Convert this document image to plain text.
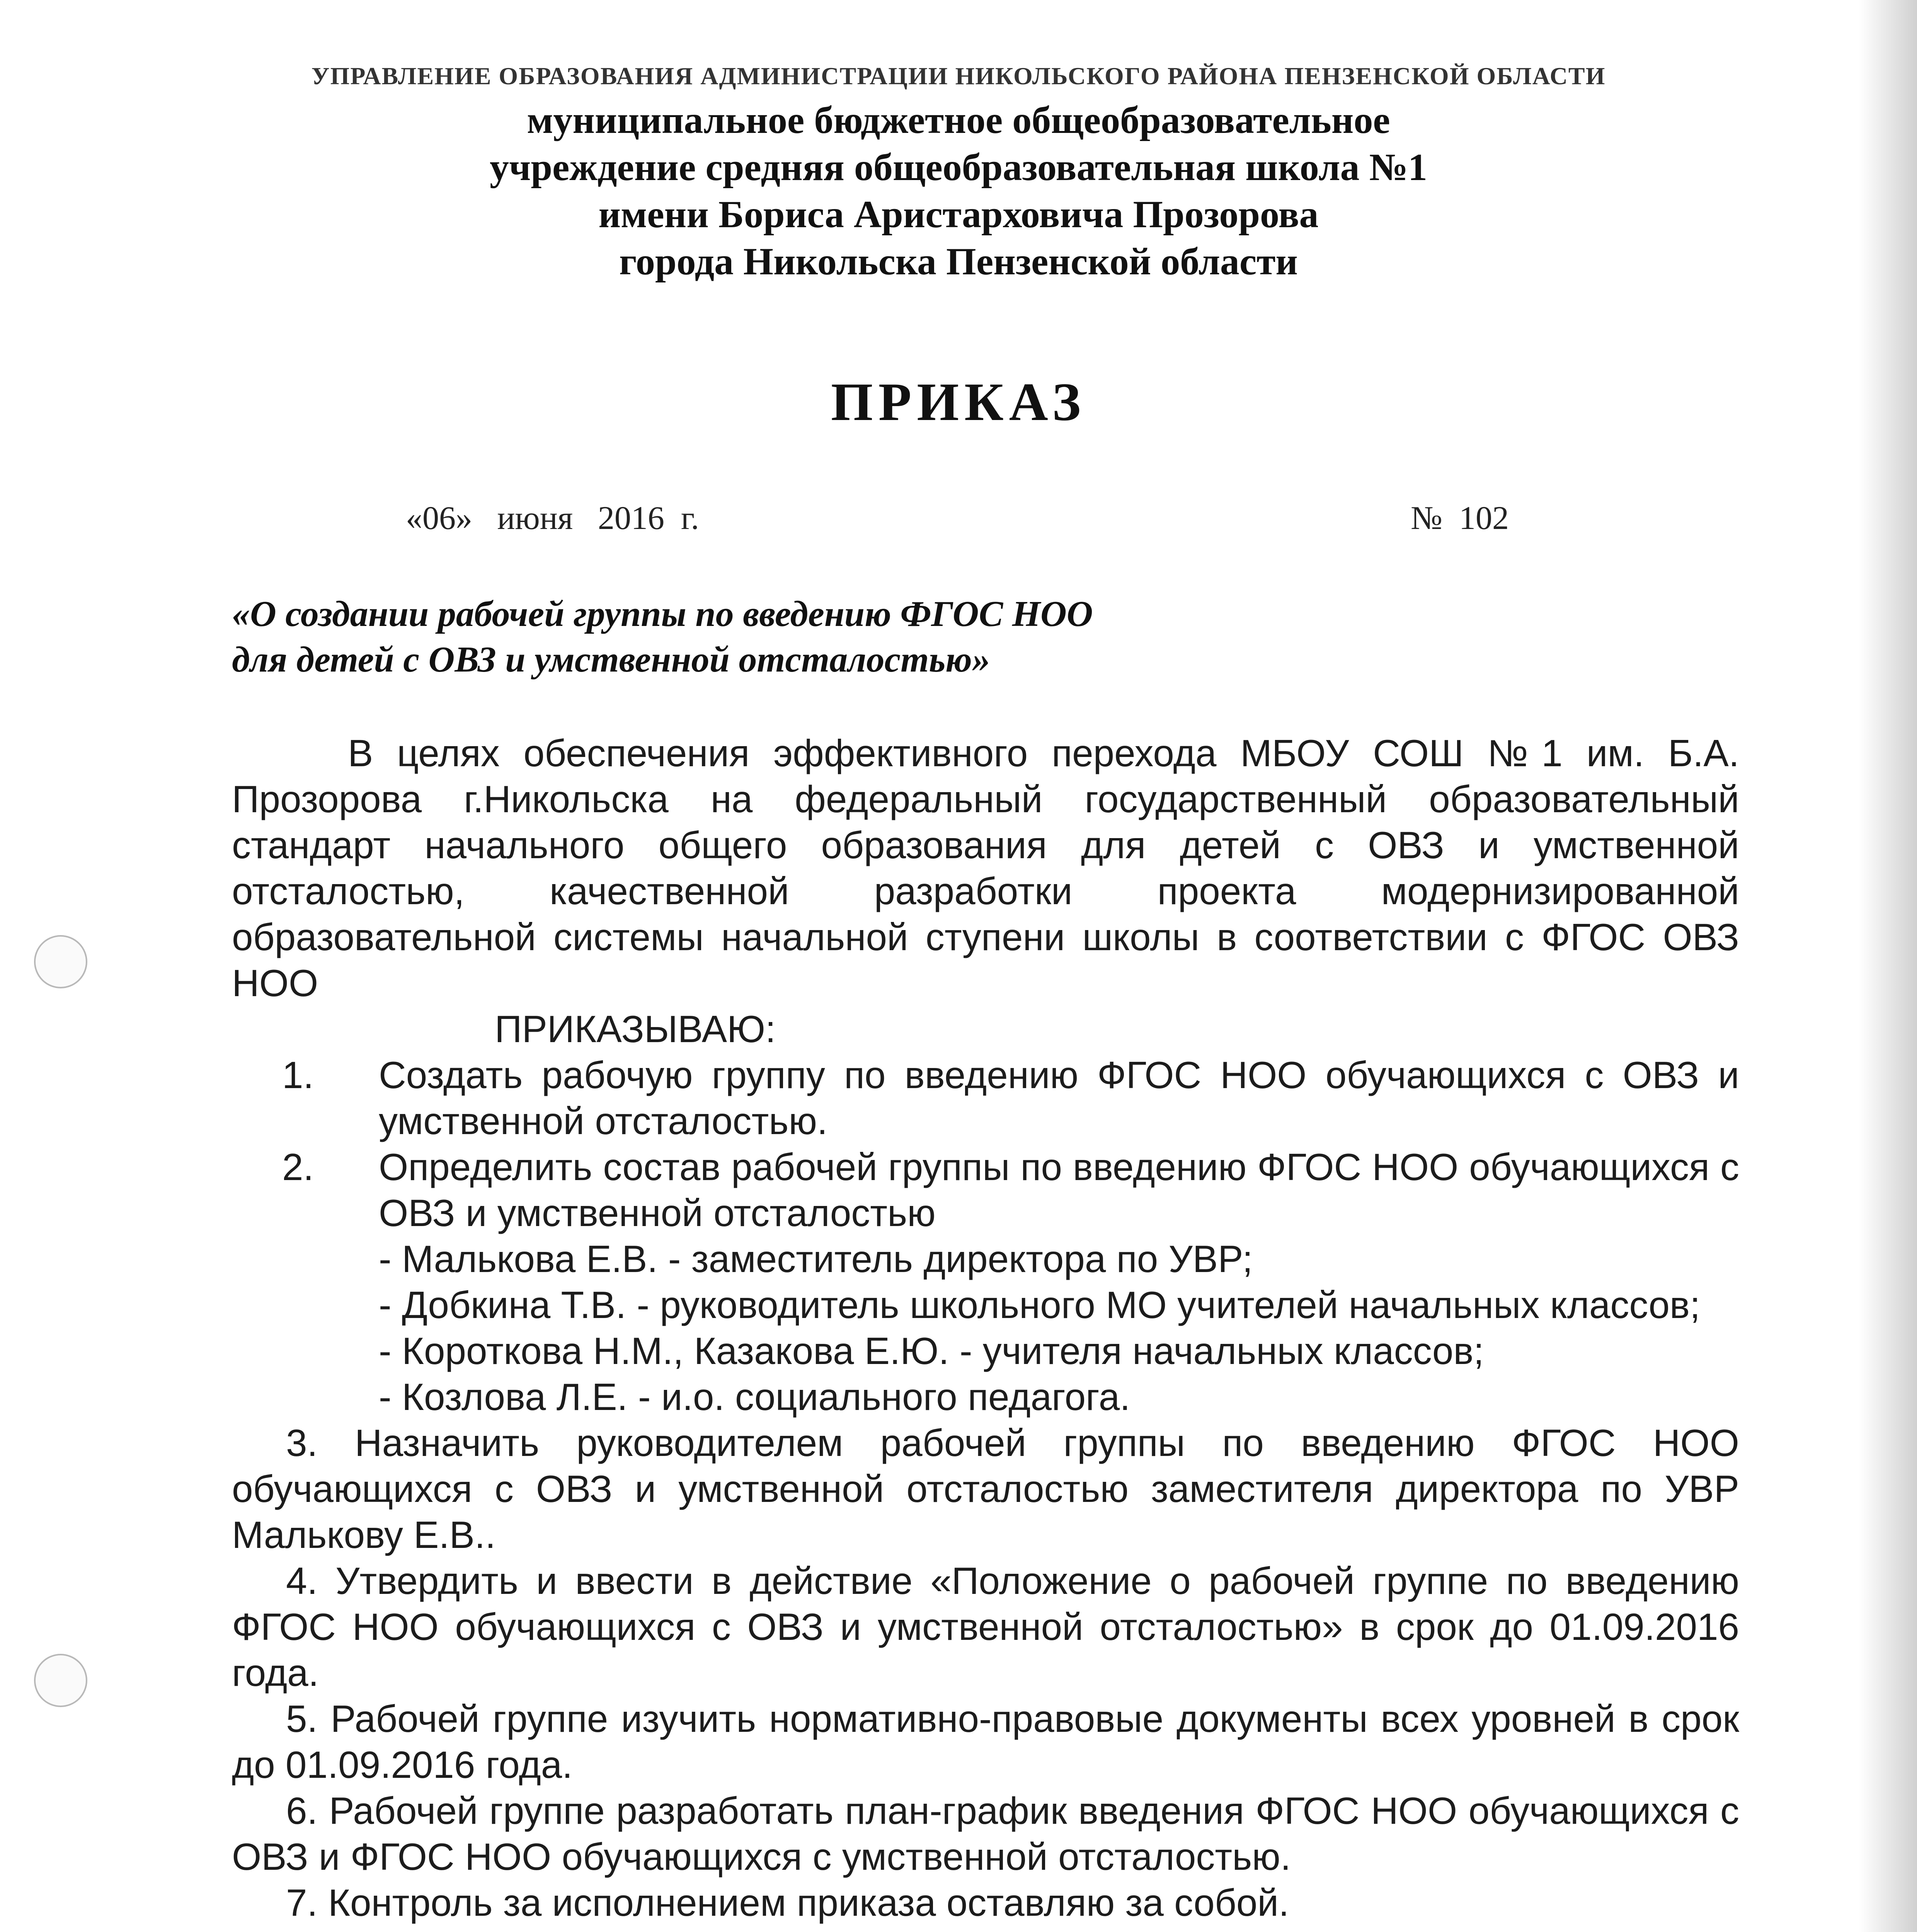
УПРАВЛЕНИЕ ОБРАЗОВАНИЯ АДМИНИСТРАЦИИ НИКОЛЬСКОГО РАЙОНА ПЕНЗЕНСКОЙ ОБЛАСТИ
муниципальное бюджетное общеобразовательное
учреждение средняя общеобразовательная школа №1
имени Бориса Аристарховича Прозорова
города Никольска Пензенской области
ПРИКАЗ
«06»   июня   2016  г.	№  102
«О создании рабочей группы по введению ФГОС НОО
для детей с ОВЗ и умственной отсталостью»

В целях обеспечения эффективного перехода МБОУ СОШ №1 им. Б.А. Прозорова г.Никольска на федеральный государственный образовательный стандарт начального общего образования для детей с ОВЗ и умственной отсталостью, качественной разработки проекта модернизированной образовательной системы начальной ступени школы в соответствии с ФГОС ОВЗ НОО

ПРИКАЗЫВАЮ:

1. Создать рабочую группу по введению ФГОС НОО обучающихся с ОВЗ и умственной отсталостью.
2. Определить состав рабочей группы по введению ФГОС НОО обучающихся с ОВЗ и умственной отсталостью
- Малькова Е.В. - заместитель директора по УВР;
- Добкина Т.В. - руководитель школьного МО учителей начальных классов;
- Короткова Н.М., Казакова Е.Ю. - учителя начальных классов;
- Козлова Л.Е. - и.о. социального педагога.
3. Назначить руководителем рабочей группы по введению ФГОС НОО обучающихся с ОВЗ и умственной отсталостью заместителя директора по УВР Малькову Е.В..
4. Утвердить и ввести в действие «Положение о рабочей группе по введению ФГОС НОО обучающихся с ОВЗ и умственной отсталостью» в срок до 01.09.2016 года.
5. Рабочей группе изучить нормативно-правовые документы всех уровней в срок до 01.09.2016 года.
6. Рабочей группе разработать план-график введения ФГОС НОО обучающихся с ОВЗ и ФГОС НОО обучающихся с умственной отсталостью.
7. Контроль за исполнением приказа оставляю за собой.
